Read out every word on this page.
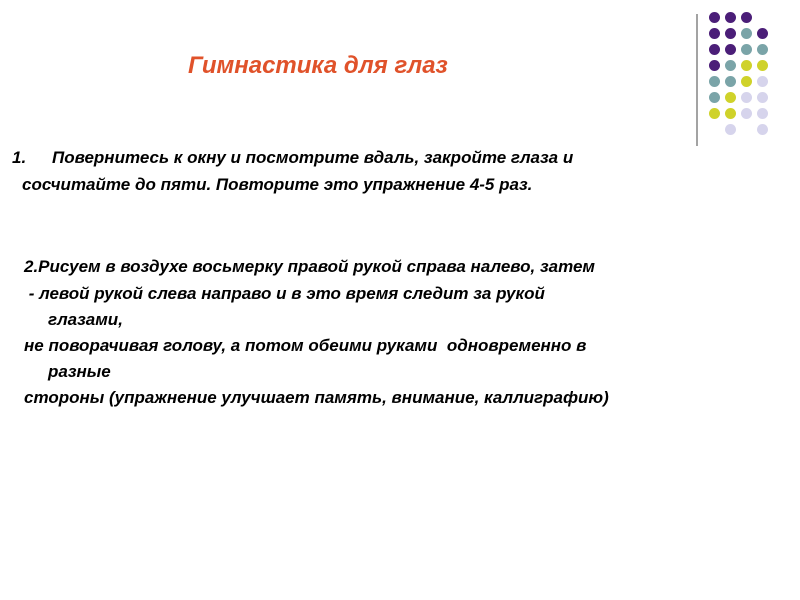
Гимнастика для глаз
1. Повернитесь к окну и посмотрите вдаль, закройте глаза и
сосчитайте до пяти. Повторите это упражнение 4-5 раз.
2.Рисуем в воздухе восьмерку правой рукой справа налево, затем
- левой рукой слева направо и в это время следит за рукой
глазами,
не поворачивая голову, а потом обеими руками  одновременно в
разные
стороны (упражнение улучшает память, внимание, каллиграфию)
